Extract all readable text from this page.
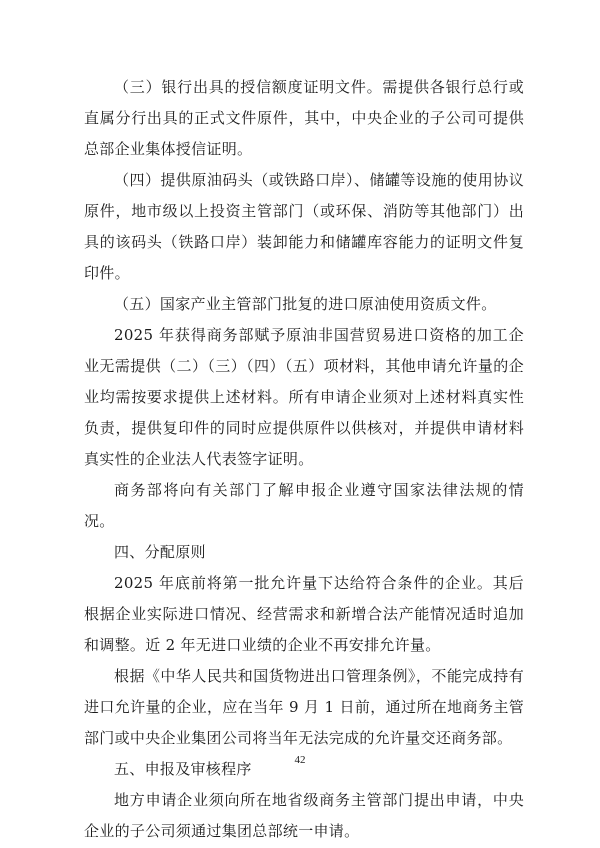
（三）银行出具的授信额度证明文件。需提供各银行总行或直属分行出具的正式文件原件，其中，中央企业的子公司可提供总部企业集体授信证明。

（四）提供原油码头（或铁路口岸）、储罐等设施的使用协议原件，地市级以上投资主管部门（或环保、消防等其他部门）出具的该码头（铁路口岸）装卸能力和储罐库容能力的证明文件复印件。

（五）国家产业主管部门批复的进口原油使用资质文件。

2025 年获得商务部赋予原油非国营贸易进口资格的加工企业无需提供（二）（三）（四）（五）项材料，其他申请允许量的企业均需按要求提供上述材料。所有申请企业须对上述材料真实性负责，提供复印件的同时应提供原件以供核对，并提供申请材料真实性的企业法人代表签字证明。

商务部将向有关部门了解申报企业遵守国家法律法规的情况。

四、分配原则

2025 年底前将第一批允许量下达给符合条件的企业。其后根据企业实际进口情况、经营需求和新增合法产能情况适时追加和调整。近 2 年无进口业绩的企业不再安排允许量。

根据《中华人民共和国货物进出口管理条例》，不能完成持有进口允许量的企业，应在当年 9 月 1 日前，通过所在地商务主管部门或中央企业集团公司将当年无法完成的允许量交还商务部。

五、申报及审核程序

地方申请企业须向所在地省级商务主管部门提出申请，中央企业的子公司须通过集团总部统一申请。

42
